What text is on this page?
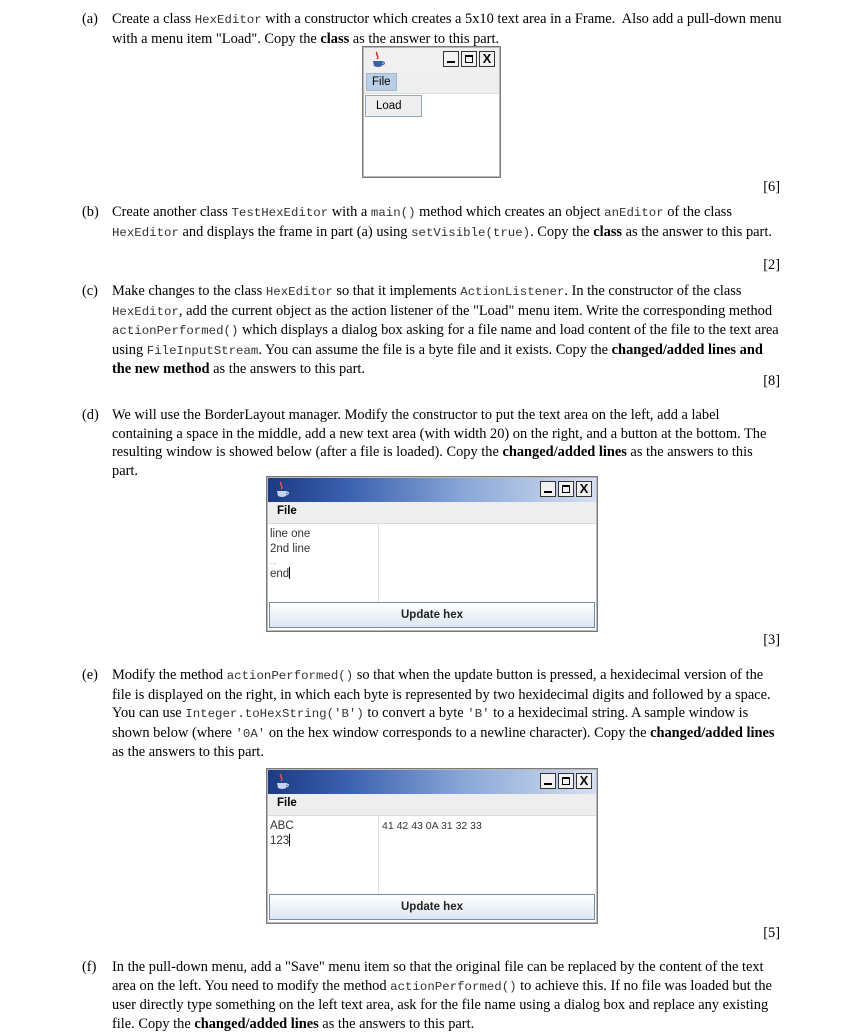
(a) Create a class HexEditor with a constructor which creates a 5x10 text area in a Frame.  Also add a pull-down menu with a menu item "Load". Copy the class as the answer to this part.
X
File
Load
[6]
(b) Create another class TestHexEditor with a main() method which creates an object anEditor of the class HexEditor and displays the frame in part (a) using setVisible(true). Copy the class as the answer to this part.
[2]
(c) Make changes to the class HexEditor so that it implements ActionListener. In the constructor of the class HexEditor, add the current object as the action listener of the "Load" menu item. Write the corresponding method actionPerformed() which displays a dialog box asking for a file name and load content of the file to the text area using FileInputStream. You can assume the file is a byte file and it exists. Copy the changed/added lines and the new method as the answers to this part.
[8]
(d) We will use the BorderLayout manager. Modify the constructor to put the text area on the left, add a label containing a space in the middle, add a new text area (with width 20) on the right, and a button at the bottom. The resulting window is showed below (after a file is loaded). Copy the changed/added lines as the answers to this part.
X
File
line one
2nd line
...
end
Update hex
[3]
(e) Modify the method actionPerformed() so that when the update button is pressed, a hexidecimal version of the file is displayed on the right, in which each byte is represented by two hexidecimal digits and followed by a space. You can use Integer.toHexString('B') to convert a byte 'B' to a hexidecimal string. A sample window is shown below (where '0A' on the hex window corresponds to a newline character). Copy the changed/added lines as the answers to this part.
X
File
ABC
123
41 42 43 0A 31 32 33
Update hex
[5]
(f) In the pull-down menu, add a "Save" menu item so that the original file can be replaced by the content of the text area on the left. You need to modify the method actionPerformed() to achieve this. If no file was loaded but the user directly type something on the left text area, ask for the file name using a dialog box and replace any existing file. Copy the changed/added lines as the answers to this part.
